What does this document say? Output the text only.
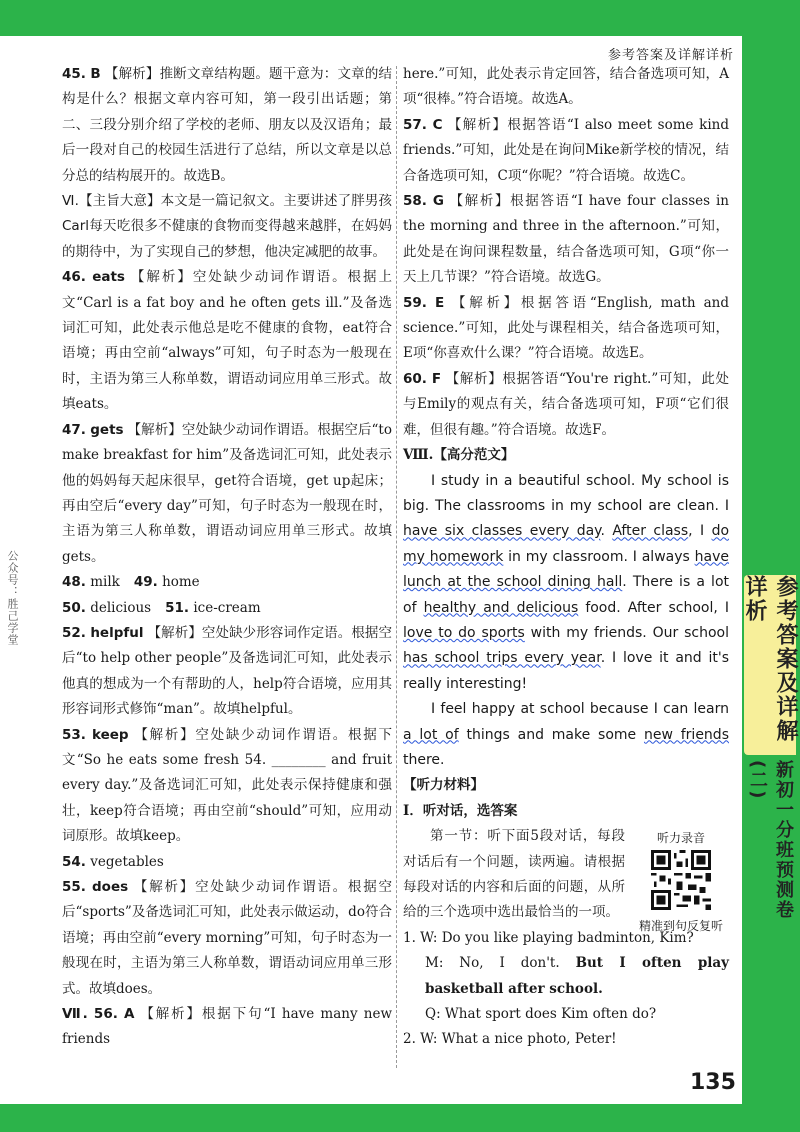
参考答案及详解详析
参考答案及详解详析
新初一分班预测卷(二)
公众号：胜己学堂

45. B 【解析】推断文章结构题。题干意为：文章的结构是什么？根据文章内容可知，第一段引出话题；第二、三段分别介绍了学校的老师、朋友以及汉语角；最后一段对自己的校园生活进行了总结，所以文章是以总分总的结构展开的。故选B。

Ⅵ.【主旨大意】本文是一篇记叙文。主要讲述了胖男孩Carl每天吃很多不健康的食物而变得越来越胖，在妈妈的期待中，为了实现自己的梦想，他决定减肥的故事。

46. eats 【解析】空处缺少动词作谓语。根据上文“Carl is a fat boy and he often gets ill.”及备选词汇可知，此处表示他总是吃不健康的食物，eat符合语境；再由空前“always”可知，句子时态为一般现在时，主语为第三人称单数，谓语动词应用单三形式。故填eats。

47. gets 【解析】空处缺少动词作谓语。根据空后“to make breakfast for him”及备选词汇可知，此处表示他的妈妈每天起床很早，get符合语境，get up起床；再由空后“every day”可知，句子时态为一般现在时，主语为第三人称单数，谓语动词应用单三形式。故填gets。

48. milk 49. home

50. delicious 51. ice-cream

52. helpful 【解析】空处缺少形容词作定语。根据空后“to help other people”及备选词汇可知，此处表示他真的想成为一个有帮助的人，help符合语境，应用其形容词形式修饰“man”。故填helpful。

53. keep 【解析】空处缺少动词作谓语。根据下文“So he eats some fresh 54. ________ and fruit every day.”及备选词汇可知，此处表示保持健康和强壮，keep符合语境；再由空前“should”可知，应用动词原形。故填keep。

54. vegetables

55. does 【解析】空处缺少动词作谓语。根据空后“sports”及备选词汇可知，此处表示做运动，do符合语境；再由空前“every morning”可知，句子时态为一般现在时，主语为第三人称单数，谓语动词应用单三形式。故填does。

Ⅶ. 56. A 【解析】根据下句“I have many new friends

here.”可知，此处表示肯定回答，结合备选项可知，A项“很棒。”符合语境。故选A。

57. C 【解析】根据答语“I also meet some kind friends.”可知，此处是在询问Mike新学校的情况，结合备选项可知，C项“你呢？”符合语境。故选C。

58. G 【解析】根据答语“I have four classes in the morning and three in the afternoon.”可知，此处是在询问课程数量，结合备选项可知，G项“你一天上几节课？”符合语境。故选G。

59. E 【解析】根据答语“English, math and science.”可知，此处与课程相关，结合备选项可知，E项“你喜欢什么课？”符合语境。故选E。

60. F 【解析】根据答语“You're right.”可知，此处与Emily的观点有关，结合备选项可知，F项“它们很难，但很有趣。”符合语境。故选F。

Ⅷ.【高分范文】

I study in a beautiful school. My school is big. The classrooms in my school are clean. I have six classes every day. After class, I do my homework in my classroom. I always have lunch at the school dining hall. There is a lot of healthy and delicious food. After school, I love to do sports with my friends. Our school has school trips every year. I love it and it's really interesting!

I feel happy at school because I can learn a lot of things and make some new friends there.

【听力材料】

Ⅰ．听对话，选答案

第一节：听下面5段对话，每段对话后有一个问题，读两遍。请根据每段对话的内容和后面的问题，从所给的三个选项中选出最恰当的一项。

1. W: Do you like playing badminton, Kim?

M: No, I don't. But I often play basketball after school.

Q: What sport does Kim often do?

2. W: What a nice photo, Peter!

听力录音
精准到句反复听
135
